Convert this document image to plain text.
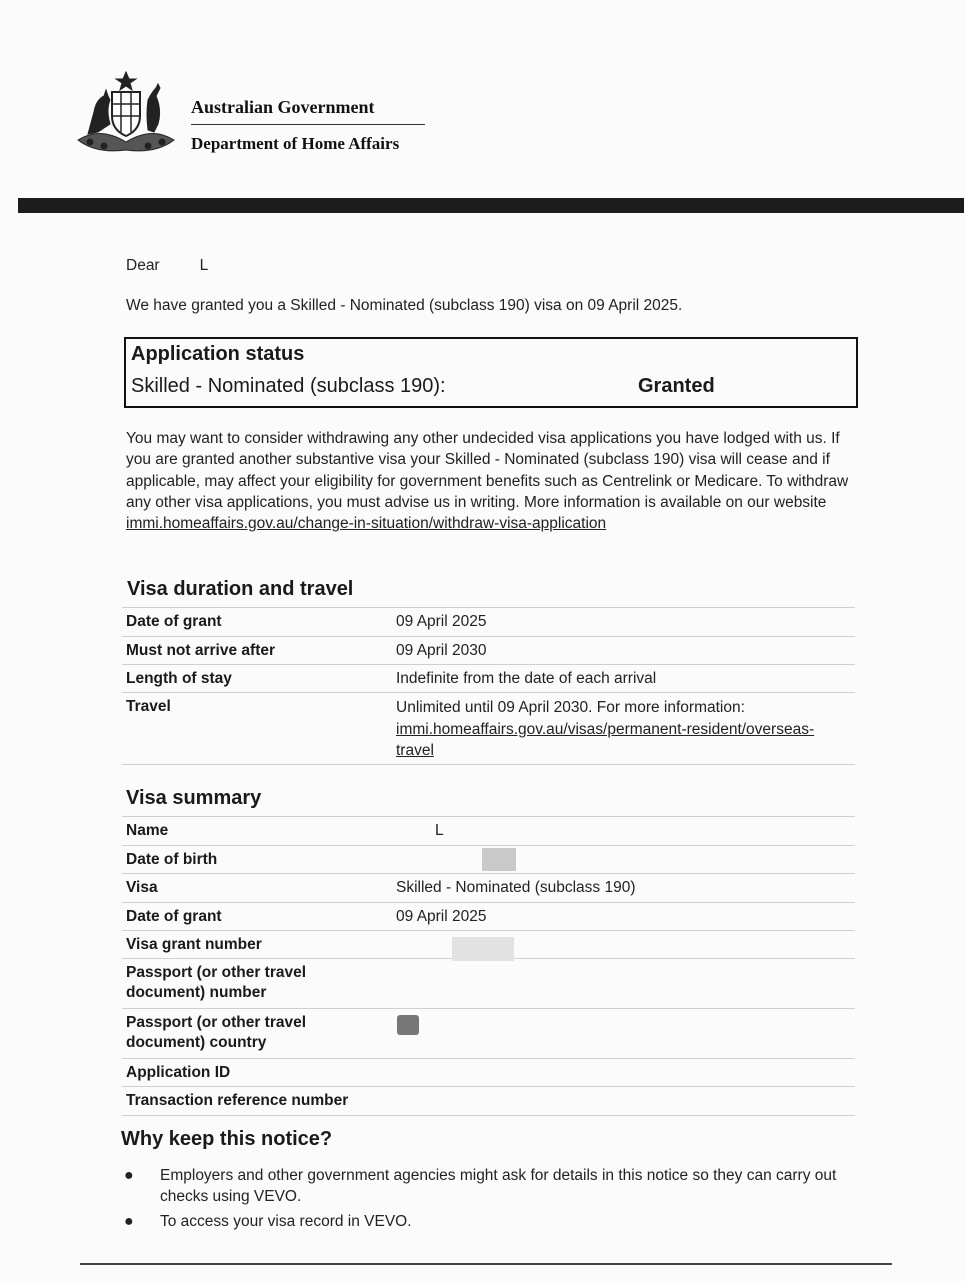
Australian Government
Department of Home Affairs
Dear	L
We have granted you a Skilled - Nominated (subclass 190) visa on 09 April 2025.
Application status
Skilled - Nominated (subclass 190):	Granted
You may want to consider withdrawing any other undecided visa applications you have lodged with us. If you are granted another substantive visa your Skilled - Nominated (subclass 190) visa will cease and if applicable, may affect your eligibility for government benefits such as Centrelink or Medicare. To withdraw any other visa applications, you must advise us in writing. More information is available on our website immi.homeaffairs.gov.au/change-in-situation/withdraw-visa-application
Visa duration and travel
Date of grant	09 April 2025
Must not arrive after	09 April 2030
Length of stay	Indefinite from the date of each arrival
Travel	Unlimited until 09 April 2030. For more information:
immi.homeaffairs.gov.au/visas/permanent-resident/overseas-travel
Visa summary
Name	L
Date of birth
Visa	Skilled - Nominated (subclass 190)
Date of grant	09 April 2025
Visa grant number
Passport (or other travel document) number
Passport (or other travel document) country
Application ID
Transaction reference number
Why keep this notice?
● Employers and other government agencies might ask for details in this notice so they can carry out checks using VEVO.
● To access your visa record in VEVO.
